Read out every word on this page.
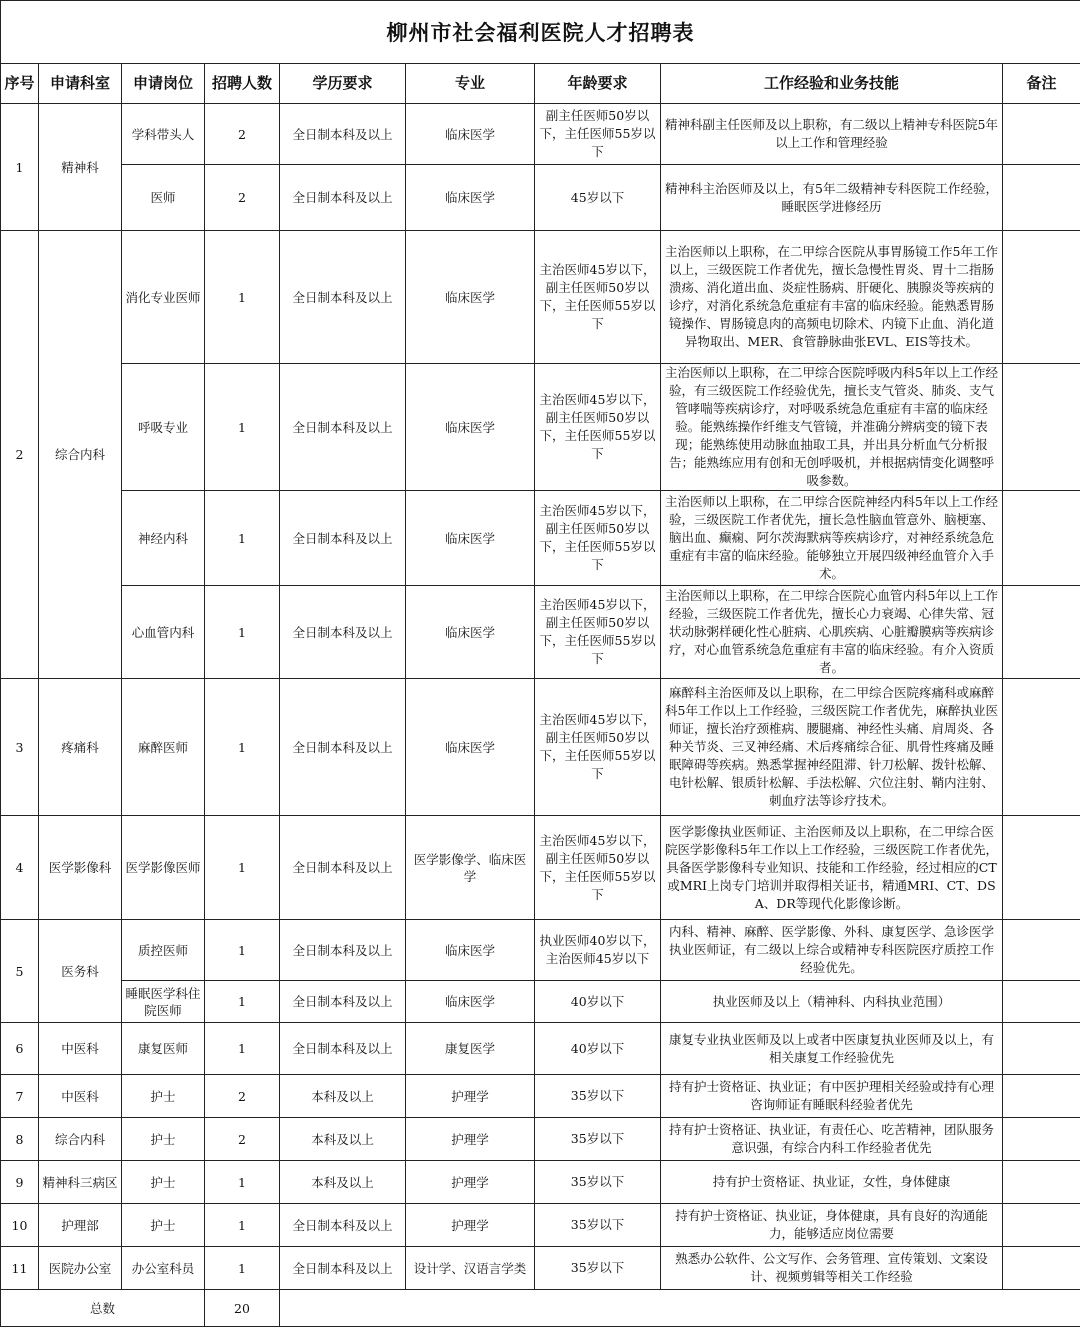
柳州市社会福利医院人才招聘表								
序号	申请科室	申请岗位	招聘人数	学历要求	专业	年龄要求	工作经验和业务技能	备注
1	精神科	学科带头人	2	全日制本科及以上	临床医学	副主任医师50岁以下，主任医师55岁以下	精神科副主任医师及以上职称，有二级以上精神专科医院5年以上工作和管理经验	
		医师	2	全日制本科及以上	临床医学	45岁以下	精神科主治医师及以上，有5年二级精神专科医院工作经验，睡眠医学进修经历	
2	综合内科	消化专业医师	1	全日制本科及以上	临床医学	主治医师45岁以下，副主任医师50岁以下，主任医师55岁以下	主治医师以上职称，在二甲综合医院从事胃肠镜工作5年工作以上，三级医院工作者优先，擅长急慢性胃炎、胃十二指肠溃疡、消化道出血、炎症性肠病、肝硬化、胰腺炎等疾病的诊疗，对消化系统急危重症有丰富的临床经验。能熟悉胃肠镜操作、胃肠镜息肉的高频电切除术、内镜下止血、消化道异物取出、MER、食管静脉曲张EVL、EIS等技术。	
		呼吸专业	1	全日制本科及以上	临床医学	主治医师45岁以下，副主任医师50岁以下，主任医师55岁以下	主治医师以上职称，在二甲综合医院呼吸内科5年以上工作经验，有三级医院工作经验优先，擅长支气管炎、肺炎、支气管哮喘等疾病诊疗，对呼吸系统急危重症有丰富的临床经验。能熟练操作纤维支气管镜，并准确分辨病变的镜下表现；能熟练使用动脉血抽取工具，并出具分析血气分析报告；能熟练应用有创和无创呼吸机，并根据病情变化调整呼吸参数。	
		神经内科	1	全日制本科及以上	临床医学	主治医师45岁以下，副主任医师50岁以下，主任医师55岁以下	主治医师以上职称，在二甲综合医院神经内科5年以上工作经验，三级医院工作者优先，擅长急性脑血管意外、脑梗塞、脑出血、癫痫、阿尔茨海默病等疾病诊疗，对神经系统急危重症有丰富的临床经验。能够独立开展四级神经血管介入手术。	
		心血管内科	1	全日制本科及以上	临床医学	主治医师45岁以下，副主任医师50岁以下，主任医师55岁以下	主治医师以上职称，在二甲综合医院心血管内科5年以上工作经验，三级医院工作者优先，擅长心力衰竭、心律失常、冠状动脉粥样硬化性心脏病、心肌疾病、心脏瓣膜病等疾病诊疗，对心血管系统急危重症有丰富的临床经验。有介入资质者。	
3	疼痛科	麻醉医师	1	全日制本科及以上	临床医学	主治医师45岁以下，副主任医师50岁以下，主任医师55岁以下	麻醉科主治医师及以上职称，在二甲综合医院疼痛科或麻醉科5年工作以上工作经验，三级医院工作者优先，麻醉执业医师证，擅长治疗颈椎病、腰腿痛、神经性头痛、肩周炎、各种关节炎、三叉神经痛、术后疼痛综合征、肌骨性疼痛及睡眠障碍等疾病。熟悉掌握神经阻滞、针刀松解、拨针松解、电针松解、银质针松解、手法松解、穴位注射、鞘内注射、刺血疗法等诊疗技术。	
4	医学影像科	医学影像医师	1	全日制本科及以上	医学影像学、临床医学	主治医师45岁以下，副主任医师50岁以下，主任医师55岁以下	医学影像执业医师证、主治医师及以上职称，在二甲综合医院医学影像科5年工作以上工作经验，三级医院工作者优先，具备医学影像科专业知识、技能和工作经验，经过相应的CT或MRI上岗专门培训并取得相关证书，精通MRI、CT、DSA、DR等现代化影像诊断。	
5	医务科	质控医师	1	全日制本科及以上	临床医学	执业医师40岁以下，主治医师45岁以下	内科、精神、麻醉、医学影像、外科、康复医学、急诊医学执业医师证，有二级以上综合或精神专科医院医疗质控工作经验优先。	
		睡眠医学科住院医师	1	全日制本科及以上	临床医学	40岁以下	执业医师及以上（精神科、内科执业范围）	
6	中医科	康复医师	1	全日制本科及以上	康复医学	40岁以下	康复专业执业医师及以上或者中医康复执业医师及以上，有相关康复工作经验优先	
7	中医科	护士	2	本科及以上	护理学	35岁以下	持有护士资格证、执业证；有中医护理相关经验或持有心理咨询师证有睡眠科经验者优先	
8	综合内科	护士	2	本科及以上	护理学	35岁以下	持有护士资格证、执业证，有责任心、吃苦精神，团队服务意识强，有综合内科工作经验者优先	
9	精神科三病区	护士	1	本科及以上	护理学	35岁以下	持有护士资格证、执业证，女性，身体健康	
10	护理部	护士	1	全日制本科及以上	护理学	35岁以下	持有护士资格证、执业证，身体健康，具有良好的沟通能力，能够适应岗位需要	
11	医院办公室	办公室科员	1	全日制本科及以上	设计学、汉语言学类	35岁以下	熟悉办公软件、公文写作、会务管理、宣传策划、文案设计、视频剪辑等相关工作经验	
总数			20					
